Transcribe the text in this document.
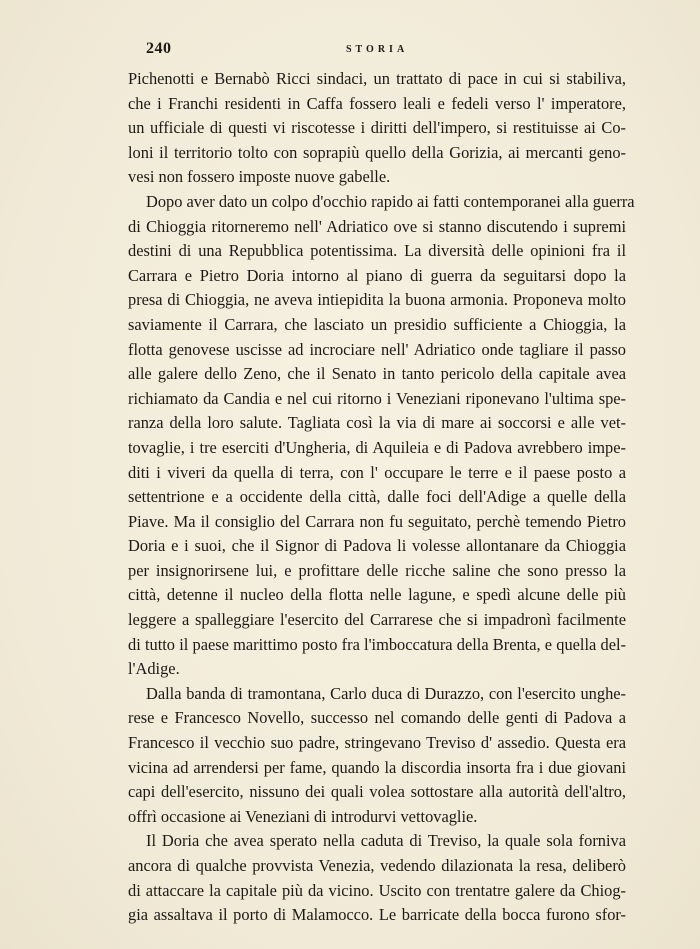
240	STORIA
Pichenotti e Bernabò Ricci sindaci, un trattato di pace in cui si stabiliva,
che i Franchi residenti in Caffa fossero leali e fedeli verso l' imperatore,
un ufficiale di questi vi riscotesse i diritti dell'impero, si restituisse ai Co-
loni il territorio tolto con soprapiù quello della Gorizia, ai mercanti geno-
vesi non fossero imposte nuove gabelle.
Dopo aver dato un colpo d'occhio rapido ai fatti contemporanei alla guerra
di Chioggia ritorneremo nell' Adriatico ove si stanno discutendo i supremi
destini di una Repubblica potentissima. La diversità delle opinioni fra il
Carrara e Pietro Doria intorno al piano di guerra da seguitarsi dopo la
presa di Chioggia, ne aveva intiepidita la buona armonia. Proponeva molto
saviamente il Carrara, che lasciato un presidio sufficiente a Chioggia, la
flotta genovese uscisse ad incrociare nell' Adriatico onde tagliare il passo
alle galere dello Zeno, che il Senato in tanto pericolo della capitale avea
richiamato da Candia e nel cui ritorno i Veneziani riponevano l'ultima spe-
ranza della loro salute. Tagliata così la via di mare ai soccorsi e alle vet-
tovaglie, i tre eserciti d'Ungheria, di Aquileia e di Padova avrebbero impe-
diti i viveri da quella di terra, con l' occupare le terre e il paese posto a
settentrione e a occidente della città, dalle foci dell'Adige a quelle della
Piave. Ma il consiglio del Carrara non fu seguitato, perchè temendo Pietro
Doria e i suoi, che il Signor di Padova li volesse allontanare da Chioggia
per insignorirsene lui, e profittare delle ricche saline che sono presso la
città, detenne il nucleo della flotta nelle lagune, e spedì alcune delle più
leggere a spalleggiare l'esercito del Carrarese che si impadronì facilmente
di tutto il paese marittimo posto fra l'imboccatura della Brenta, e quella del-
l'Adige.
Dalla banda di tramontana, Carlo duca di Durazzo, con l'esercito unghe-
rese e Francesco Novello, successo nel comando delle genti di Padova a
Francesco il vecchio suo padre, stringevano Treviso d' assedio. Questa era
vicina ad arrendersi per fame, quando la discordia insorta fra i due giovani
capi dell'esercito, nissuno dei quali volea sottostare alla autorità dell'altro,
offrì occasione ai Veneziani di introdurvi vettovaglie.
Il Doria che avea sperato nella caduta di Treviso, la quale sola forniva
ancora di qualche provvista Venezia, vedendo dilazionata la resa, deliberò
di attaccare la capitale più da vicino. Uscito con trentatre galere da Chiog-
gia assaltava il porto di Malamocco. Le barricate della bocca furono sfor-
